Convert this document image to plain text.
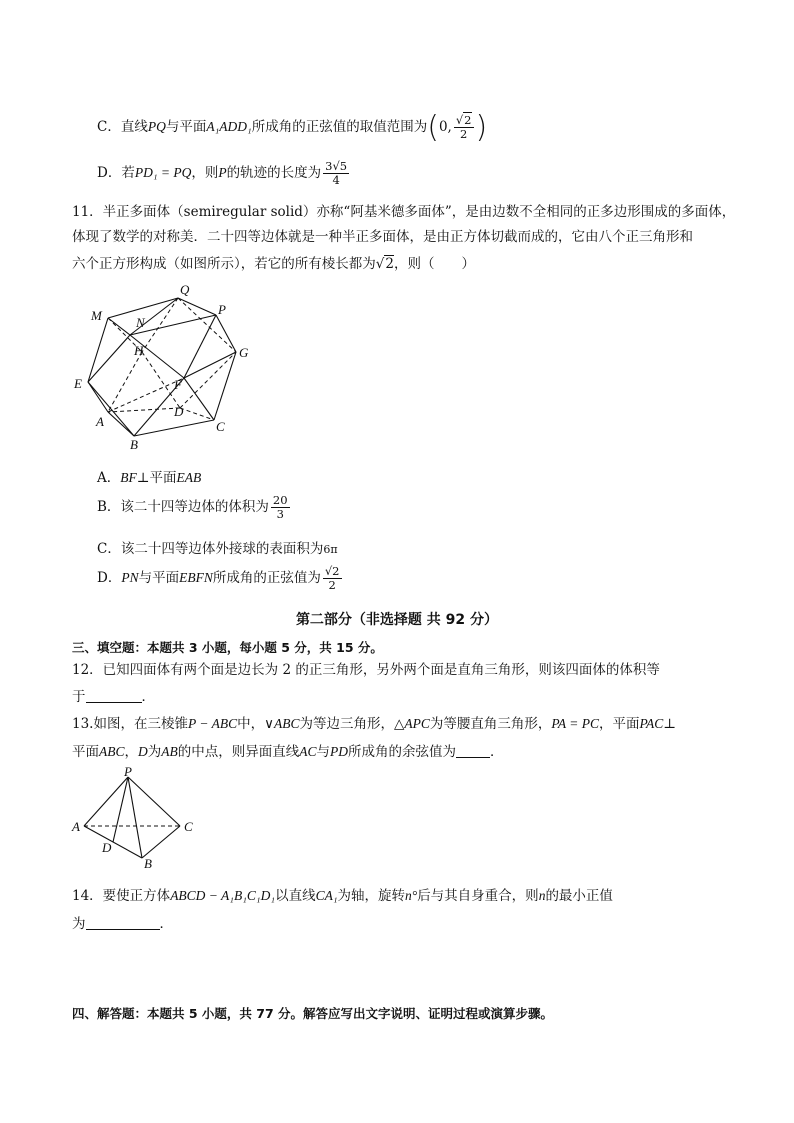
C．直线PQ与平面A₁ADD₁所成角的正弦值的取值范围为(0, $\frac{√2}{2}$ )
D．若PD₁ = PQ，则P的轨迹的长度为 $\frac{3√5}{4}$
11．半正多面体（semiregular solid）亦称“阿基米德多面体”，是由边数不全相同的正多边形围成的多面体，
体现了数学的对称美．二十四等边体就是一种半正多面体，是由正方体切截而成的，它由八个正三角形和
六个正方形构成（如图所示），若它的所有棱长都为√2，则（　　）
Q
P
M	N
H	G
E	F
D
A
B
C
A．BF⊥平面EAB
B．该二十四等边体的体积为 $\frac{20}{3}$
C．该二十四等边体外接球的表面积为6π
D．PN与平面EBFN所成角的正弦值为 $\frac{√2}{2}$
第二部分（非选择题 共 92 分）
三、填空题：本题共 3 小题，每小题 5 分，共 15 分。
12．已知四面体有两个面是边长为 2 的正三角形，另外两个面是直角三角形，则该四面体的体积等
于	．
13.如图，在三棱锥P − ABC中，∨ABC为等边三角形，△APC为等腰直角三角形，PA = PC，平面PAC⊥
平面ABC，D为AB的中点，则异面直线AC与PD所成角的余弦值为	．
P
A	C
D
B
14．要使正方体ABCD − A₁B₁C₁D₁以直线CA₁为轴，旋转n°后与其自身重合，则n的最小正值
为	．
四、解答题：本题共 5 小题，共 77 分。解答应写出文字说明、证明过程或演算步骤。
